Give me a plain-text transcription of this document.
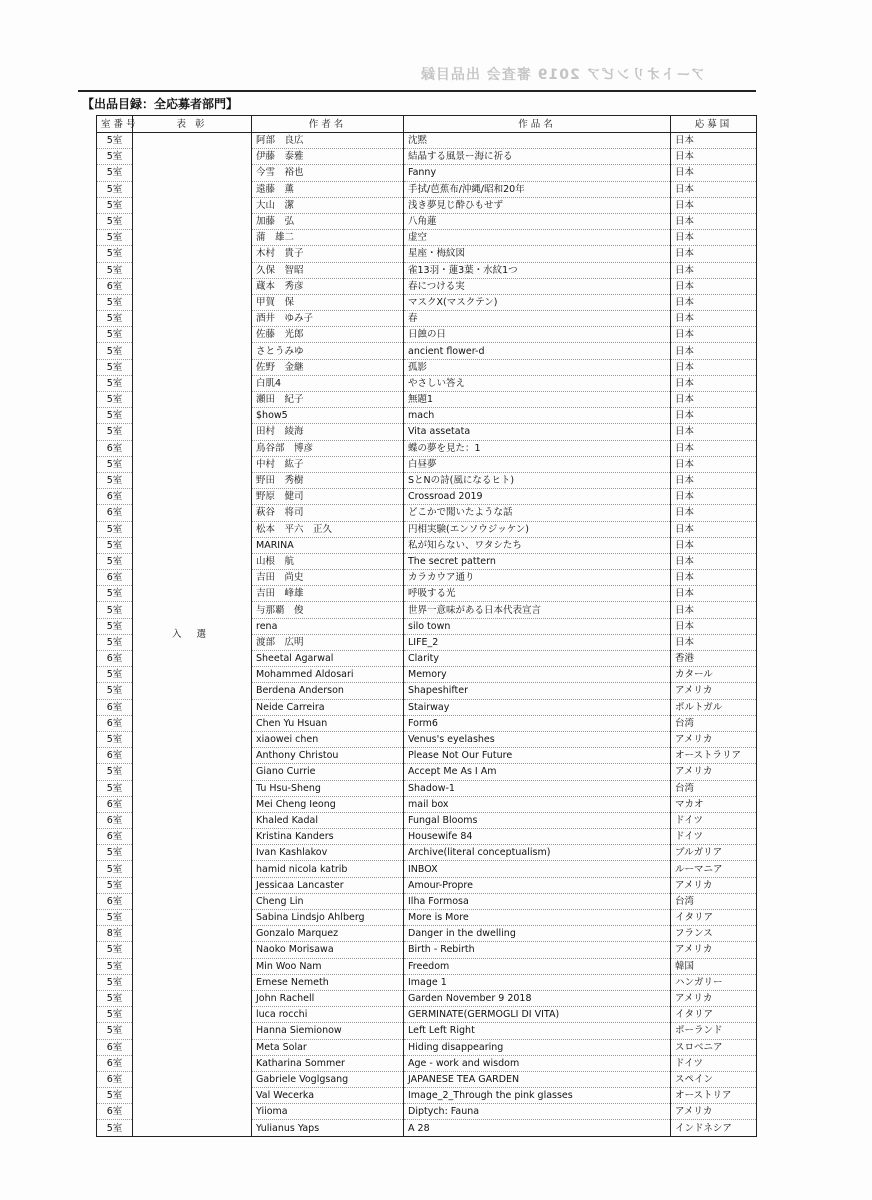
アートオリンピア 2019 審査会 出品目録
【出品目録：全応募者部門】
室番号	表 彰	作者名	作品名	応募国
5室	入 選	阿部　良広	沈黙	日本
5室		伊藤　泰雅	結晶する風景ー海に祈る	日本
5室		今雪　裕也	Fanny	日本
5室		遠藤　薫	手拭/芭蕉布/沖縄/昭和20年	日本
5室		大山　潔	浅き夢見じ酔ひもせず	日本
5室		加藤　弘	八角蓮	日本
5室		蒲　雄二	虚空	日本
5室		木村　貴子	星座・梅紋図	日本
5室		久保　智昭	雀13羽・蓮3葉・水紋1つ	日本
6室		蔵本　秀彦	春につける実	日本
5室		甲賀　保	マスクX(マスクテン)	日本
5室		酒井　ゆみ子	春	日本
5室		佐藤　光郎	日蝕の日	日本
5室		さとうみゆ	ancient flower-d	日本
5室		佐野　金継	孤影	日本
5室		白肌4	やさしい答え	日本
5室		瀬田　紀子	無題1	日本
5室		$how5	mach	日本
5室		田村　綾海	Vita assetata	日本
6室		鳥谷部　博彦	蝶の夢を見た：1	日本
5室		中村　紘子	白昼夢	日本
5室		野田　秀樹	SとNの詩(風になるヒト)	日本
6室		野原　健司	Crossroad 2019	日本
6室		萩谷　将司	どこかで聞いたような話	日本
5室		松本　平六　正久	円相実験(エンソウジッケン)	日本
5室		MARINA	私が知らない、ワタシたち	日本
5室		山根　航	The secret pattern	日本
6室		吉田　尚史	カラカウア通り	日本
5室		吉田　峰雄	呼吸する光	日本
5室		与那覇　俊	世界一意味がある日本代表宣言	日本
5室		rena	silo town	日本
5室		渡部　広明	LIFE_2	日本
6室		Sheetal Agarwal	Clarity	香港
5室		Mohammed Aldosari	Memory	カタール
5室		Berdena Anderson	Shapeshifter	アメリカ
6室		Neide Carreira	Stairway	ポルトガル
6室		Chen Yu Hsuan	Form6	台湾
5室		xiaowei chen	Venus's eyelashes	アメリカ
6室		Anthony Christou	Please Not Our Future	オーストラリア
5室		Giano Currie	Accept Me As I Am	アメリカ
5室		Tu Hsu-Sheng	Shadow-1	台湾
6室		Mei Cheng Ieong	mail box	マカオ
6室		Khaled Kadal	Fungal Blooms	ドイツ
6室		Kristina Kanders	Housewife 84	ドイツ
5室		Ivan Kashlakov	Archive(literal conceptualism)	ブルガリア
5室		hamid nicola katrib	INBOX	ルーマニア
5室		Jessicaa Lancaster	Amour-Propre	アメリカ
6室		Cheng Lin	Ilha Formosa	台湾
5室		Sabina Lindsjo Ahlberg	More is More	イタリア
8室		Gonzalo Marquez	Danger in the dwelling	フランス
5室		Naoko Morisawa	Birth - Rebirth	アメリカ
5室		Min Woo Nam	Freedom	韓国
5室		Emese Nemeth	Image 1	ハンガリー
5室		John Rachell	Garden November 9 2018	アメリカ
5室		luca rocchi	GERMINATE(GERMOGLI DI VITA)	イタリア
5室		Hanna Siemionow	Left Left Right	ポーランド
6室		Meta Solar	Hiding disappearing	スロベニア
6室		Katharina Sommer	Age - work and wisdom	ドイツ
6室		Gabriele Voglgsang	JAPANESE TEA GARDEN	スペイン
5室		Val Wecerka	Image_2_Through the pink glasses	オーストリア
6室		Yiioma	Diptych: Fauna	アメリカ
5室		Yulianus Yaps	A 28	インドネシア
